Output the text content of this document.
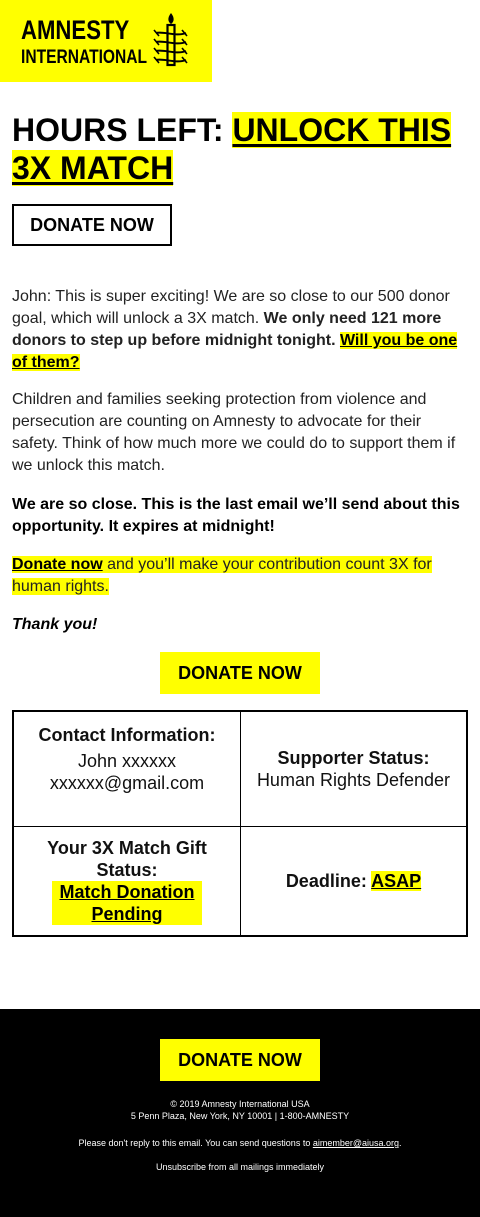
AMNESTY
INTERNATIONAL
HOURS LEFT: UNLOCK THIS 3X MATCH
DONATE NOW

John: This is super exciting! We are so close to our 500 donor goal, which will unlock a 3X match. We only need 121 more donors to step up before midnight tonight. Will you be one of them?

Children and families seeking protection from violence and persecution are counting on Amnesty to advocate for their safety. Think of how much more we could do to support them if we unlock this match.

We are so close. This is the last email we’ll send about this opportunity. It expires at midnight!

Donate now and you’ll make your contribution count 3X for human rights.

Thank you!

DONATE NOW
Contact Information:
John xxxxxx
xxxxxx@gmail.com
Supporter Status:
Human Rights Defender
Your 3X Match Gift Status:
Match Donation Pending
Deadline: ASAP
DONATE NOW
© 2019 Amnesty International USA
5 Penn Plaza, New York, NY 10001 | 1-800-AMNESTY
Please don't reply to this email. You can send questions to aimember@aiusa.org.
Unsubscribe from all mailings immediately
